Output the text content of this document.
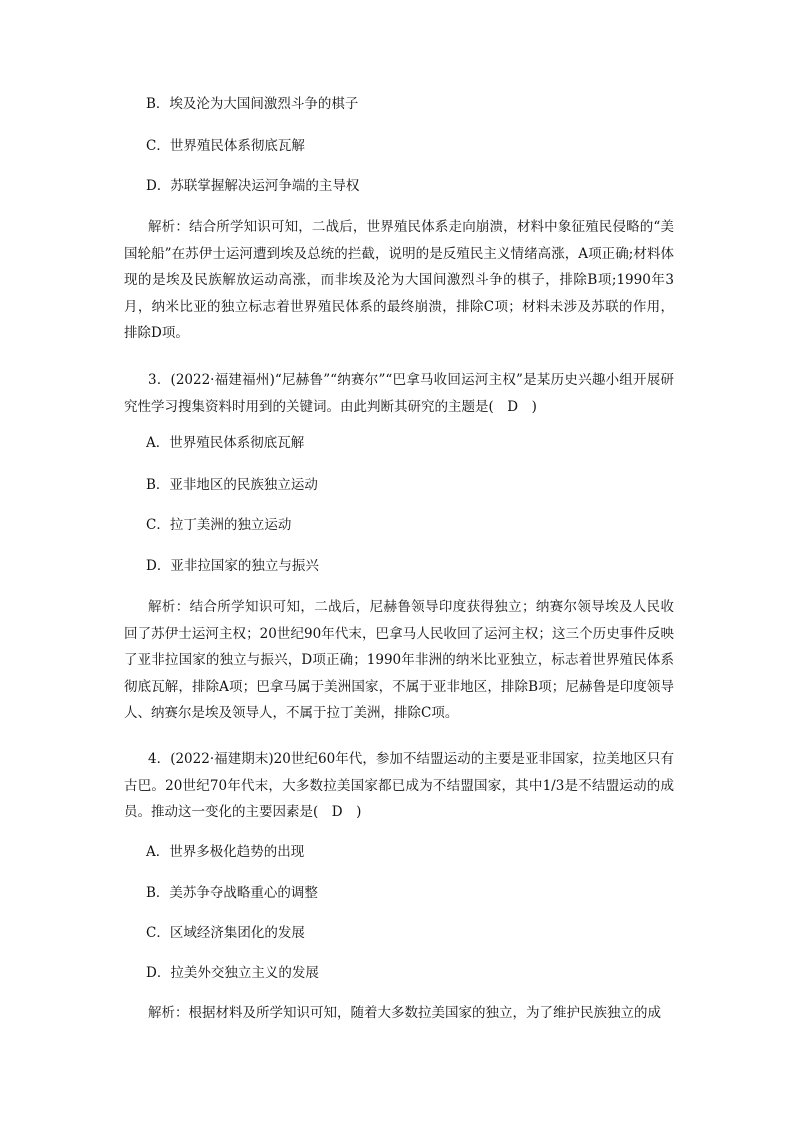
B．埃及沦为大国间激烈斗争的棋子
C．世界殖民体系彻底瓦解
D．苏联掌握解决运河争端的主导权
解析：结合所学知识可知，二战后，世界殖民体系走向崩溃，材料中象征殖民侵略的“美国轮船”在苏伊士运河遭到埃及总统的拦截，说明的是反殖民主义情绪高涨，A项正确;材料体现的是埃及民族解放运动高涨，而非埃及沦为大国间激烈斗争的棋子，排除B项;1990年3月，纳米比亚的独立标志着世界殖民体系的最终崩溃，排除C项；材料未涉及苏联的作用，排除D项。
3．(2022·福建福州)“尼赫鲁”“纳赛尔”“巴拿马收回运河主权”是某历史兴趣小组开展研究性学习搜集资料时用到的关键词。由此判断其研究的主题是(　D　)
A．世界殖民体系彻底瓦解
B．亚非地区的民族独立运动
C．拉丁美洲的独立运动
D．亚非拉国家的独立与振兴
解析：结合所学知识可知，二战后，尼赫鲁领导印度获得独立；纳赛尔领导埃及人民收回了苏伊士运河主权；20世纪90年代末，巴拿马人民收回了运河主权；这三个历史事件反映了亚非拉国家的独立与振兴，D项正确；1990年非洲的纳米比亚独立，标志着世界殖民体系彻底瓦解，排除A项；巴拿马属于美洲国家，不属于亚非地区，排除B项；尼赫鲁是印度领导人、纳赛尔是埃及领导人，不属于拉丁美洲，排除C项。
4．(2022·福建期末)20世纪60年代，参加不结盟运动的主要是亚非国家，拉美地区只有古巴。20世纪70年代末，大多数拉美国家都已成为不结盟国家，其中1/3是不结盟运动的成员。推动这一变化的主要因素是(　D　)
A．世界多极化趋势的出现
B．美苏争夺战略重心的调整
C．区域经济集团化的发展
D．拉美外交独立主义的发展
解析：根据材料及所学知识可知，随着大多数拉美国家的独立，为了维护民族独立的成
